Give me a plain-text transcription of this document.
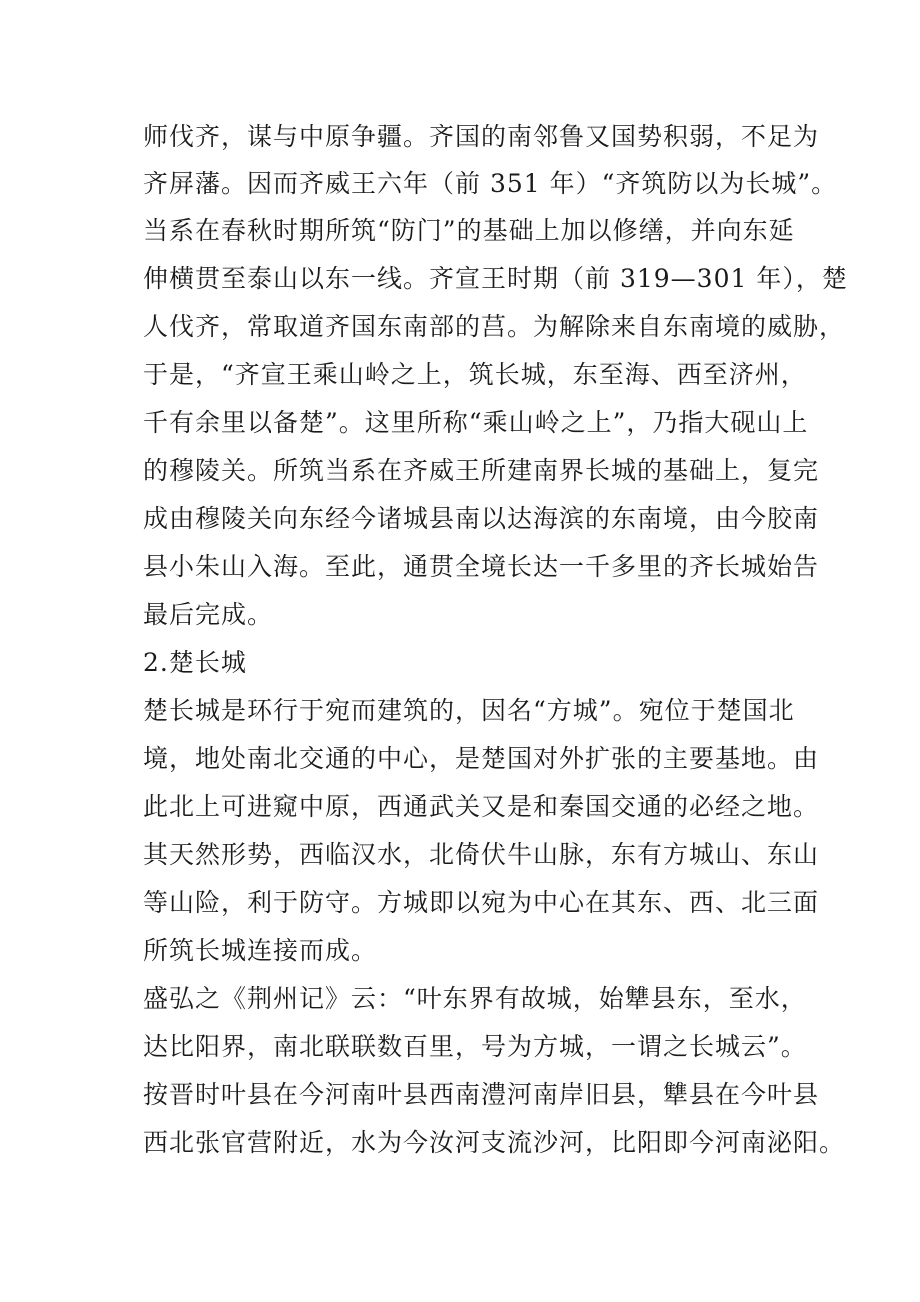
师伐齐，谋与中原争疆。齐国的南邻鲁又国势积弱，不足为
齐屏藩。因而齐威王六年（前 351 年）“齐筑防以为长城”。
当系在春秋时期所筑“防门”的基础上加以修缮，并向东延
伸横贯至泰山以东一线。齐宣王时期（前 319—301 年），楚
人伐齐，常取道齐国东南部的莒。为解除来自东南境的威胁，
于是，“齐宣王乘山岭之上，筑长城，东至海、西至济州，
千有余里以备楚”。这里所称“乘山岭之上”，乃指大砚山上
的穆陵关。所筑当系在齐威王所建南界长城的基础上，复完
成由穆陵关向东经今诸城县南以达海滨的东南境，由今胶南
县小朱山入海。至此，通贯全境长达一千多里的齐长城始告
最后完成。
2.楚长城
楚长城是环行于宛而建筑的，因名“方城”。宛位于楚国北
境，地处南北交通的中心，是楚国对外扩张的主要基地。由
此北上可进窥中原，西通武关又是和秦国交通的必经之地。
其天然形势，西临汉水，北倚伏牛山脉，东有方城山、东山
等山险，利于防守。方城即以宛为中心在其东、西、北三面
所筑长城连接而成。
盛弘之《荆州记》云：“叶东界有故城，始犨县东，至水，
达比阳界，南北联联数百里，号为方城，一谓之长城云”。
按晋时叶县在今河南叶县西南澧河南岸旧县，犨县在今叶县
西北张官营附近，水为今汝河支流沙河，比阳即今河南泌阳。
